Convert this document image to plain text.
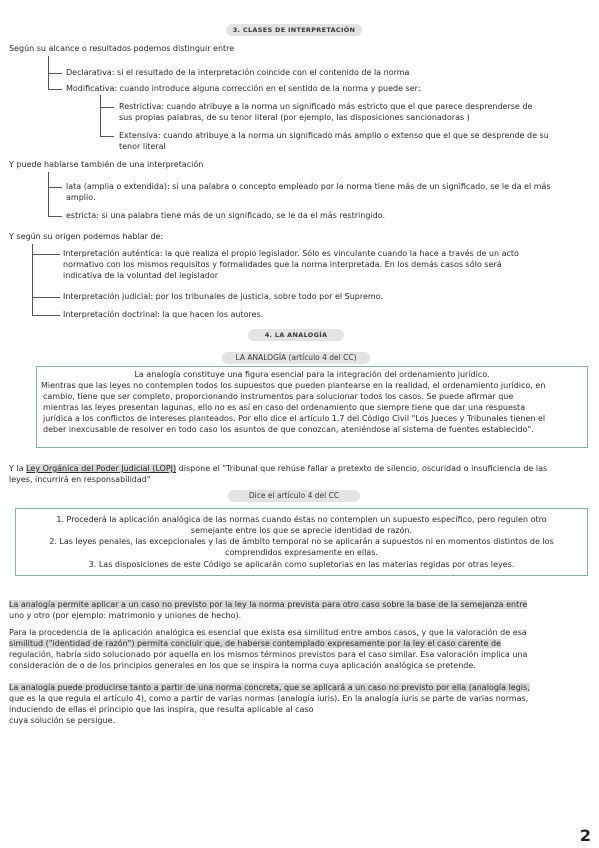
3. CLASES DE INTERPRETACIÓN
Según su alcance o resultados podemos distinguir entre
Declarativa: si el resultado de la interpretación coincide con el contenido de la norma
Modificativa: cuando introduce alguna corrección en el sentido de la norma y puede ser:
Restrictiva: cuando atribuye a la norma un significado más estricto que el que parece desprenderse de
sus propias palabras, de su tenor literal (por ejemplo, las disposiciones sancionadoras )
Extensiva: cuando atribuye a la norma un significado más amplio o extenso que el que se desprende de su
tenor literal
Y puede hablarse también de una interpretación
lata (amplia o extendida): si una palabra o concepto empleado por la norma tiene más de un significado, se le da el más
amplio.
estricta: si una palabra tiene más de un significado, se le da el más restringido.
Y según su origen podemos hablar de:
Interpretación auténtica: la que realiza el propio legislador. Sólo es vinculante cuando la hace a través de un acto
normativo con los mismos requisitos y formalidades que la norma interpretada. En los demás casos sólo será
indicativa de la voluntad del legislador
Interpretación judicial: por los tribunales de justicia, sobre todo por el Supremo.
Interpretación doctrinal: la que hacen los autores.
4. LA ANALOGÍA
LA ANALOGÍA (artículo 4 del CC)
La analogía constituye una figura esencial para la integración del ordenamiento jurídico.
Mientras que las leyes no contemplen todos los supuestos que pueden plantearse en la realidad, el ordenamiento jurídico, en
cambio, tiene que ser completo, proporcionando instrumentos para solucionar todos los casos. Se puede afirmar que
mientras las leyes presentan lagunas, ello no es así en caso del ordenamiento que siempre tiene que dar una respuesta
jurídica a los conflictos de intereses planteados. Por ello dice el artículo 1.7 del Código Civil "Los Jueces y Tribunales tienen el
deber inexcusable de resolver en todo caso los asuntos de que conozcan, ateniéndose al sistema de fuentes establecido".
Y la Ley Orgánica del Poder Judicial (LOPJ) dispone el "Tribunal que rehúse fallar a pretexto de silencio, oscuridad o insuficiencia de las
leyes, incurrirá en responsabilidad"
Dice el artículo 4 del CC
1. Procederá la aplicación analógica de las normas cuando éstas no contemplen un supuesto específico, pero regulen otro
semejante entre los que se aprecie identidad de razón.
2. Las leyes penales, las excepcionales y las de ámbito temporal no se aplicarán a supuestos ni en momentos distintos de los
comprendidos expresamente en ellas.
3. Las disposiciones de este Código se aplicarán como supletorias en las materias regidas por otras leyes.
La analogía permite aplicar a un caso no previsto por la ley la norma prevista para otro caso sobre la base de la semejanza entre
uno y otro (por ejemplo: matrimonio y uniones de hecho).
Para la procedencia de la aplicación analógica es esencial que exista esa similitud entre ambos casos, y que la valoración de esa
similitud ("identidad de razón") permita concluir que, de haberse contemplado expresamente por la ley el caso carente de
regulación, habría sido solucionado por aquella en los mismos términos previstos para el caso similar. Esa valoración implica una
consideración de o de los principios generales en los que se inspira la norma cuya aplicación analógica se pretende.
La analogía puede producirse tanto a partir de una norma concreta, que se aplicará a un caso no previsto por ella (analogía legis,
que es la que regula el artículo 4), como a partir de varias normas (analogía iuris). En la analogía iuris se parte de varias normas,
induciendo de ellas el principio que las inspira, que resulta aplicable al caso
cuya solución se persigue.
2
